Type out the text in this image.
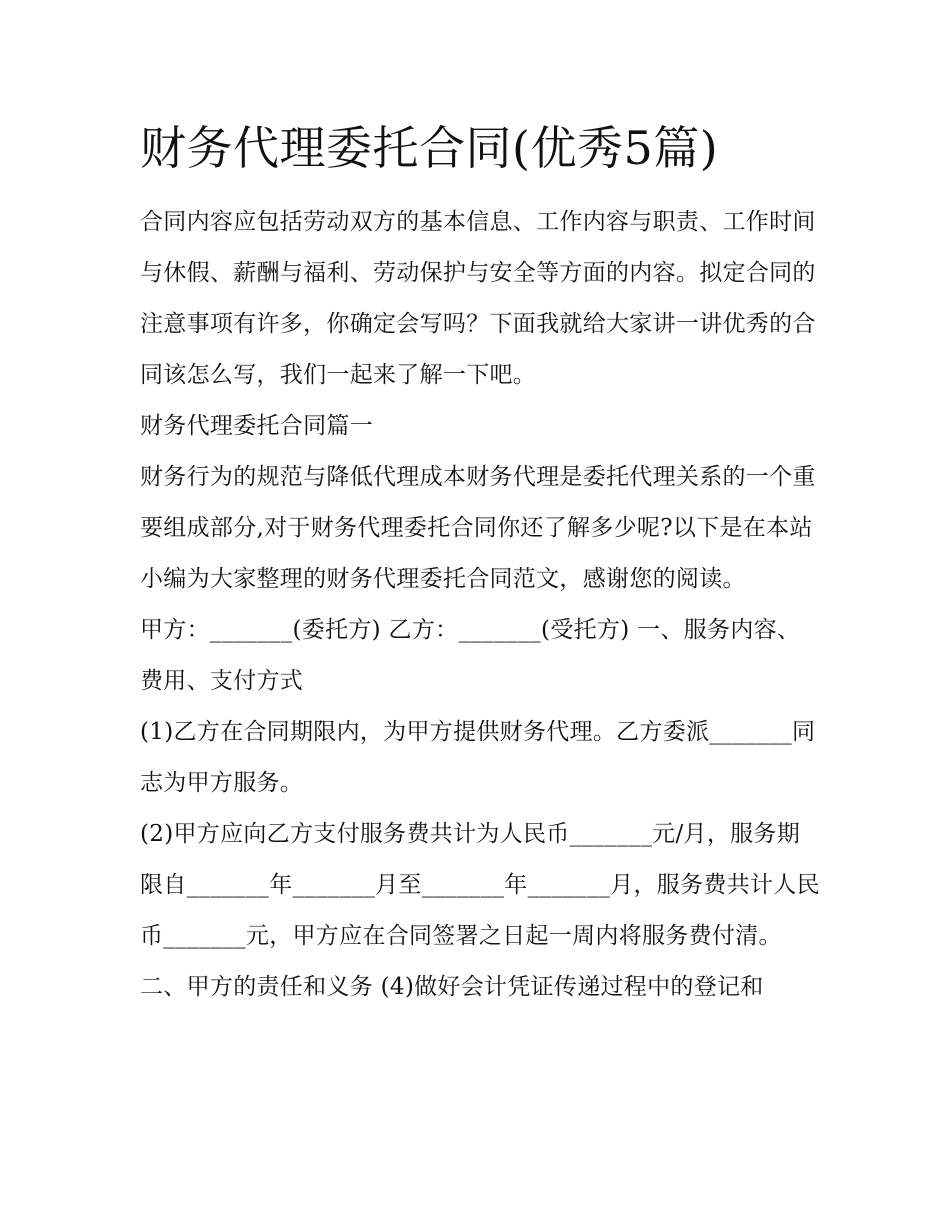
财务代理委托合同(优秀5篇)

合同内容应包括劳动双方的基本信息、工作内容与职责、工作时间与休假、薪酬与福利、劳动保护与安全等方面的内容。拟定合同的注意事项有许多，你确定会写吗？下面我就给大家讲一讲优秀的合同该怎么写，我们一起来了解一下吧。

财务代理委托合同篇一

财务行为的规范与降低代理成本财务代理是委托代理关系的一个重要组成部分,对于财务代理委托合同你还了解多少呢?以下是在本站小编为大家整理的财务代理委托合同范文，感谢您的阅读。

甲方：_______(委托方) 乙方：_______(受托方) 一、服务内容、费用、支付方式

(1)乙方在合同期限内，为甲方提供财务代理。乙方委派_______同志为甲方服务。

(2)甲方应向乙方支付服务费共计为人民币_______元/月，服务期限自_______年_______月至_______年_______月，服务费共计人民币_______元，甲方应在合同签署之日起一周内将服务费付清。

二、甲方的责任和义务 (4)做好会计凭证传递过程中的登记和
